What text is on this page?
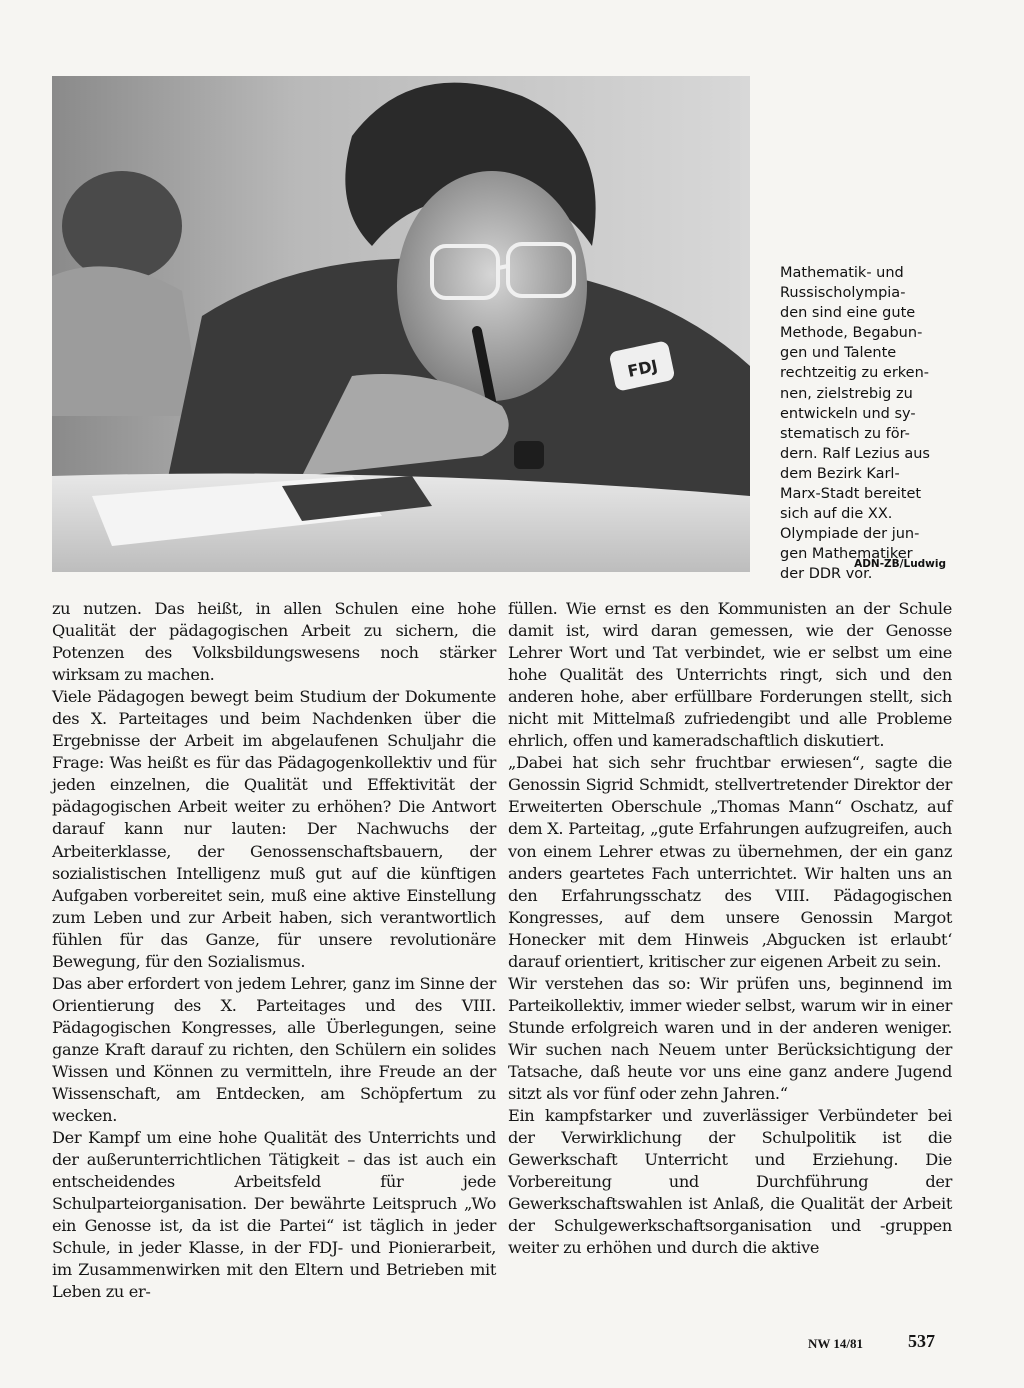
FDJ
Mathematik- und
Russischolympia-
den sind eine gute
Methode, Begabun-
gen und Talente
rechtzeitig zu erken-
nen, zielstrebig zu
entwickeln und sy-
stematisch zu för-
dern. Ralf Lezius aus
dem Bezirk Karl-
Marx-Stadt bereitet
sich auf die XX.
Olympiade der jun-
gen Mathematiker
der DDR vor.
ADN-ZB/Ludwig

zu nutzen. Das heißt, in allen Schulen eine hohe Qualität der pädagogischen Arbeit zu sichern, die Potenzen des Volksbildungswesens noch stärker wirksam zu machen.

Viele Pädagogen bewegt beim Studium der Dokumente des X. Parteitages und beim Nachdenken über die Ergebnisse der Arbeit im abgelaufenen Schuljahr die Frage: Was heißt es für das Pädagogenkollektiv und für jeden einzelnen, die Qualität und Effektivität der pädagogischen Arbeit weiter zu erhöhen? Die Antwort darauf kann nur lauten: Der Nachwuchs der Arbeiterklasse, der Genossenschaftsbauern, der sozialistischen Intelligenz muß gut auf die künftigen Aufgaben vorbereitet sein, muß eine aktive Einstellung zum Leben und zur Arbeit haben, sich verantwortlich fühlen für das Ganze, für unsere revolutionäre Bewegung, für den Sozialismus.

Das aber erfordert von jedem Lehrer, ganz im Sinne der Orientierung des X. Parteitages und des VIII. Pädagogischen Kongresses, alle Überlegungen, seine ganze Kraft darauf zu richten, den Schülern ein solides Wissen und Können zu vermitteln, ihre Freude an der Wissenschaft, am Entdecken, am Schöpfertum zu wecken.

Der Kampf um eine hohe Qualität des Unterrichts und der außerunterrichtlichen Tätigkeit – das ist auch ein entscheidendes Arbeitsfeld für jede Schulparteiorganisation. Der bewährte Leitspruch „Wo ein Genosse ist, da ist die Partei“ ist täglich in jeder Schule, in jeder Klasse, in der FDJ- und Pionierarbeit, im Zusammenwirken mit den Eltern und Betrieben mit Leben zu er-

füllen. Wie ernst es den Kommunisten an der Schule damit ist, wird daran gemessen, wie der Genosse Lehrer Wort und Tat verbindet, wie er selbst um eine hohe Qualität des Unterrichts ringt, sich und den anderen hohe, aber erfüllbare Forderungen stellt, sich nicht mit Mittelmaß zufriedengibt und alle Probleme ehrlich, offen und kameradschaftlich diskutiert.

„Dabei hat sich sehr fruchtbar erwiesen“, sagte die Genossin Sigrid Schmidt, stellvertretender Direktor der Erweiterten Oberschule „Thomas Mann“ Oschatz, auf dem X. Parteitag, „gute Erfahrungen aufzugreifen, auch von einem Lehrer etwas zu übernehmen, der ein ganz anders geartetes Fach unterrichtet. Wir halten uns an den Erfahrungsschatz des VIII. Pädagogischen Kongresses, auf dem unsere Genossin Margot Honecker mit dem Hinweis ‚Abgucken ist erlaubt‘ darauf orientiert, kritischer zur eigenen Arbeit zu sein.

Wir verstehen das so: Wir prüfen uns, beginnend im Parteikollektiv, immer wieder selbst, warum wir in einer Stunde erfolgreich waren und in der anderen weniger. Wir suchen nach Neuem unter Berücksichtigung der Tatsache, daß heute vor uns eine ganz andere Jugend sitzt als vor fünf oder zehn Jahren.“

Ein kampfstarker und zuverlässiger Verbündeter bei der Verwirklichung der Schulpolitik ist die Gewerkschaft Unterricht und Erziehung. Die Vorbereitung und Durchführung der Gewerkschaftswahlen ist Anlaß, die Qualität der Arbeit der Schulgewerkschaftsorganisation und -gruppen weiter zu erhöhen und durch die aktive

NW 14/81 537
